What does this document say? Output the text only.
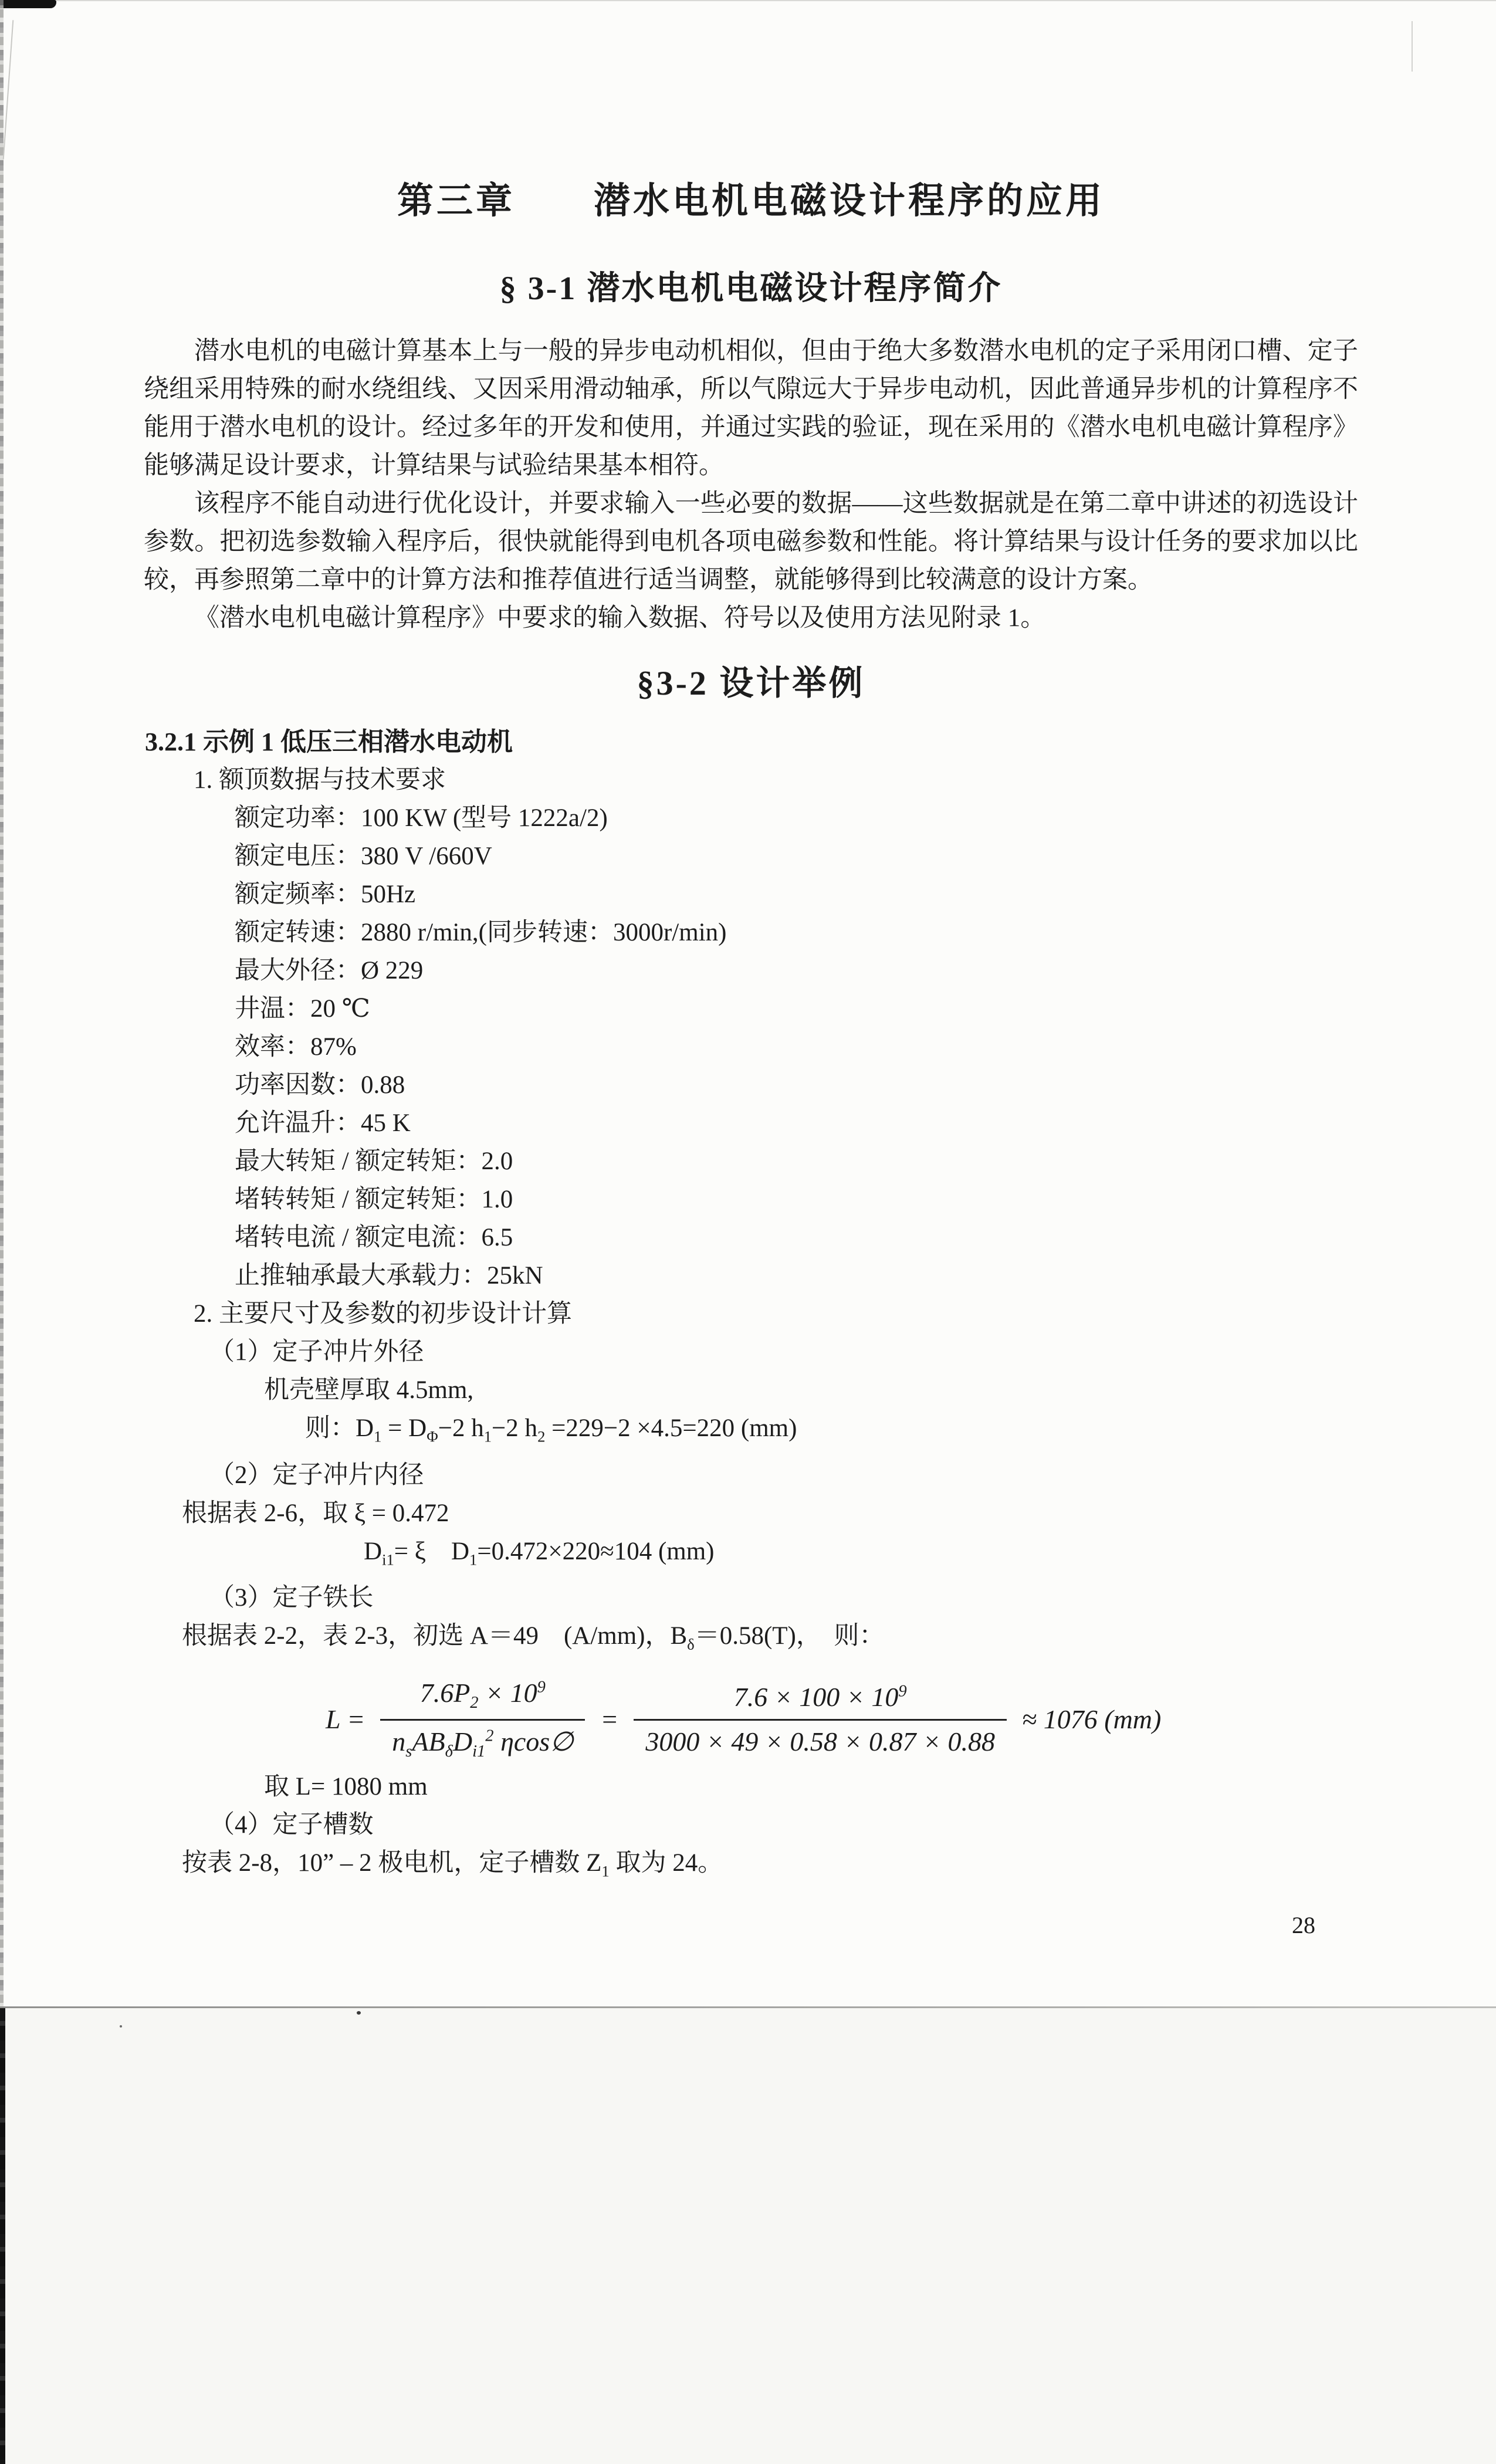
第三章　　潜水电机电磁设计程序的应用
§ 3-1 潜水电机电磁设计程序简介

潜水电机的电磁计算基本上与一般的异步电动机相似，但由于绝大多数潜水电机的定子采用闭口槽、定子绕组采用特殊的耐水绕组线、又因采用滑动轴承，所以气隙远大于异步电动机，因此普通异步机的计算程序不能用于潜水电机的设计。经过多年的开发和使用，并通过实践的验证，现在采用的《潜水电机电磁计算程序》能够满足设计要求，计算结果与试验结果基本相符。

该程序不能自动进行优化设计，并要求输入一些必要的数据——这些数据就是在第二章中讲述的初选设计参数。把初选参数输入程序后，很快就能得到电机各项电磁参数和性能。将计算结果与设计任务的要求加以比较，再参照第二章中的计算方法和推荐值进行适当调整，就能够得到比较满意的设计方案。

《潜水电机电磁计算程序》中要求的输入数据、符号以及使用方法见附录 1。

§3-2 设计举例
3.2.1 示例 1 低压三相潜水电动机
1. 额顶数据与技术要求
额定功率：100 KW (型号 1222a/2)
额定电压：380 V /660V
额定频率：50Hz
额定转速：2880 r/min,(同步转速：3000r/min)
最大外径：Ø 229
井温：20 ℃
效率：87%
功率因数：0.88
允许温升：45 K
最大转矩 / 额定转矩：2.0
堵转转矩 / 额定转矩：1.0
堵转电流 / 额定电流：6.5
止推轴承最大承载力：25kN
2. 主要尺寸及参数的初步设计计算
（1）定子冲片外径
机壳壁厚取 4.5mm,
则：$D_1 = D_\Phi-2$ $h_1-2$ $h_2 =229-2 \times 4.5=220$ (mm)
（2）定子冲片内径
根据表 2-6，取 ξ = 0.472
$D_{i1}= \xi$　$D_1=0.472\times 220\approx 104$ (mm)
（3）定子铁长
根据表 2-2，表 2-3，初选 A＝49　(A/mm)，$B_\delta=0.58(T)$，　则：
$L = \frac{7.6P_2 \times 10^9}{n_sAB_\delta D_{i1}^2 \eta\cos\emptyset} = \frac{7.6 \times 100 \times 10^9}{3000 \times 49 \times 0.58 \times 0.87 \times 0.88} \approx 1076$ (mm)
取 L= 1080 mm
（4）定子槽数
按表 2-8，10” – 2 极电机，定子槽数 $Z_1$ 取为 24。
28
